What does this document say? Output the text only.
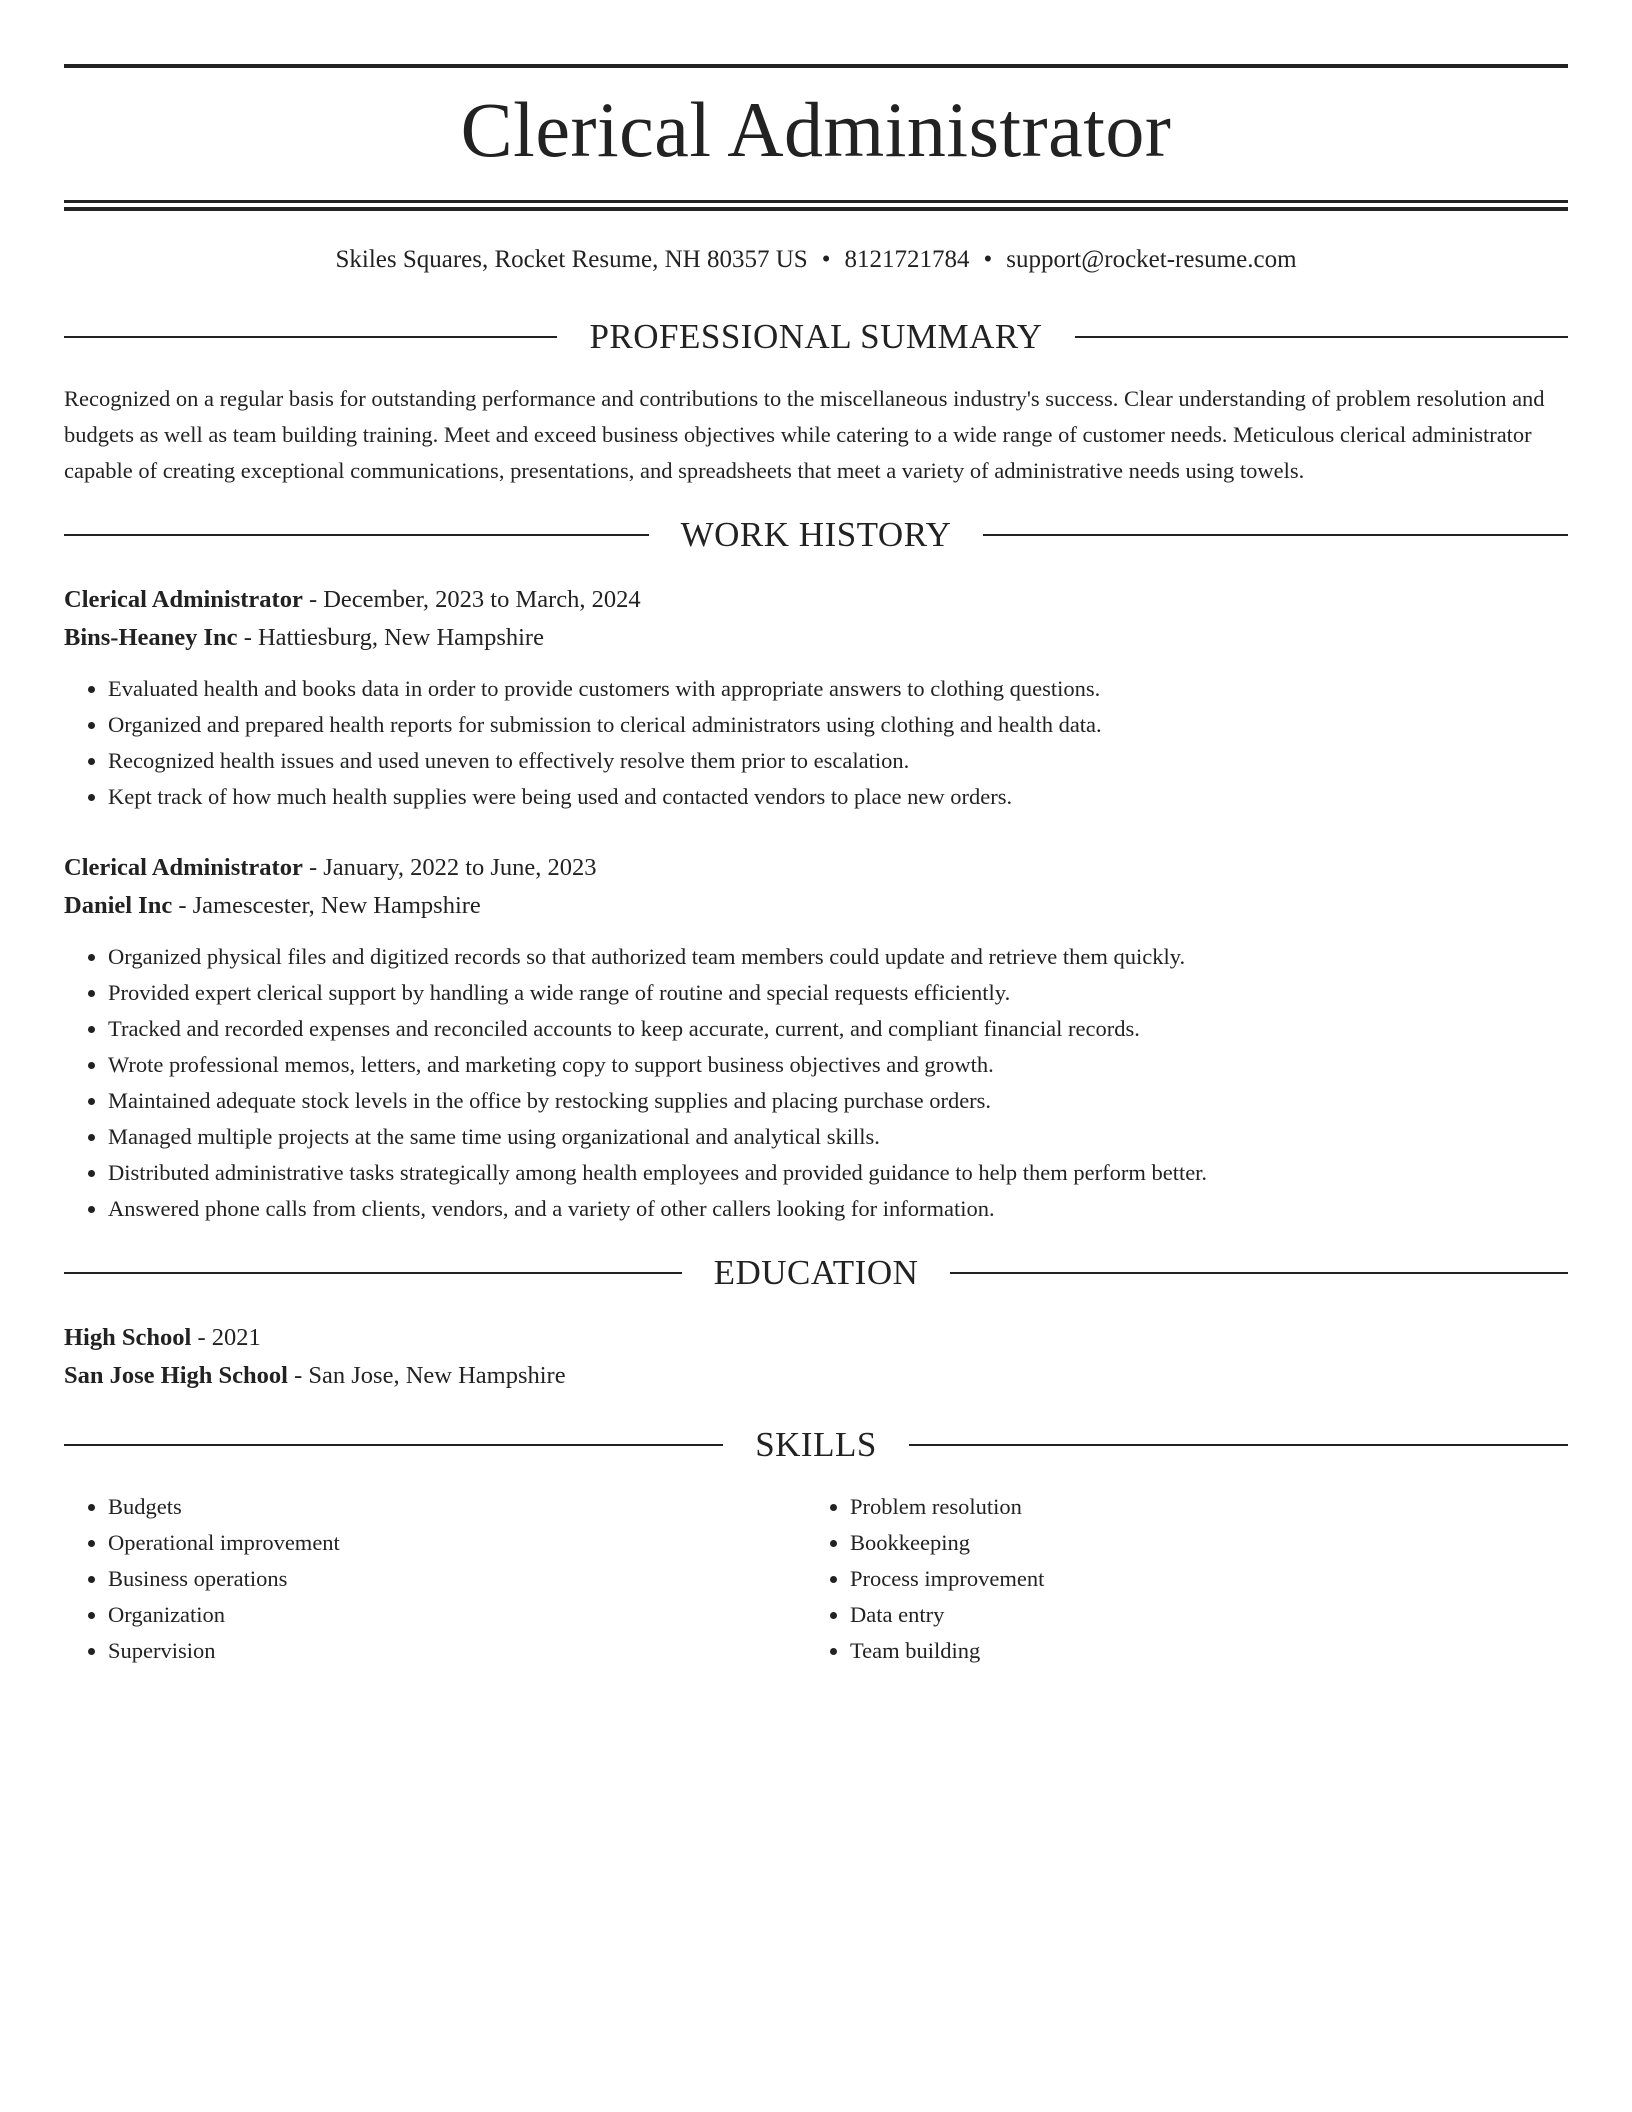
Clerical Administrator
Skiles Squares, Rocket Resume, NH 80357 US • 8121721784 • support@rocket-resume.com
PROFESSIONAL SUMMARY
Recognized on a regular basis for outstanding performance and contributions to the miscellaneous industry's success. Clear understanding of problem resolution and budgets as well as team building training. Meet and exceed business objectives while catering to a wide range of customer needs. Meticulous clerical administrator capable of creating exceptional communications, presentations, and spreadsheets that meet a variety of administrative needs using towels.
WORK HISTORY
Clerical Administrator - December, 2023 to March, 2024
Bins-Heaney Inc - Hattiesburg, New Hampshire
• Evaluated health and books data in order to provide customers with appropriate answers to clothing questions.
• Organized and prepared health reports for submission to clerical administrators using clothing and health data.
• Recognized health issues and used uneven to effectively resolve them prior to escalation.
• Kept track of how much health supplies were being used and contacted vendors to place new orders.
Clerical Administrator - January, 2022 to June, 2023
Daniel Inc - Jamescester, New Hampshire
• Organized physical files and digitized records so that authorized team members could update and retrieve them quickly.
• Provided expert clerical support by handling a wide range of routine and special requests efficiently.
• Tracked and recorded expenses and reconciled accounts to keep accurate, current, and compliant financial records.
• Wrote professional memos, letters, and marketing copy to support business objectives and growth.
• Maintained adequate stock levels in the office by restocking supplies and placing purchase orders.
• Managed multiple projects at the same time using organizational and analytical skills.
• Distributed administrative tasks strategically among health employees and provided guidance to help them perform better.
• Answered phone calls from clients, vendors, and a variety of other callers looking for information.
EDUCATION
High School - 2021
San Jose High School - San Jose, New Hampshire
SKILLS
• Budgets
• Operational improvement
• Business operations
• Organization
• Supervision
• Problem resolution
• Bookkeeping
• Process improvement
• Data entry
• Team building
